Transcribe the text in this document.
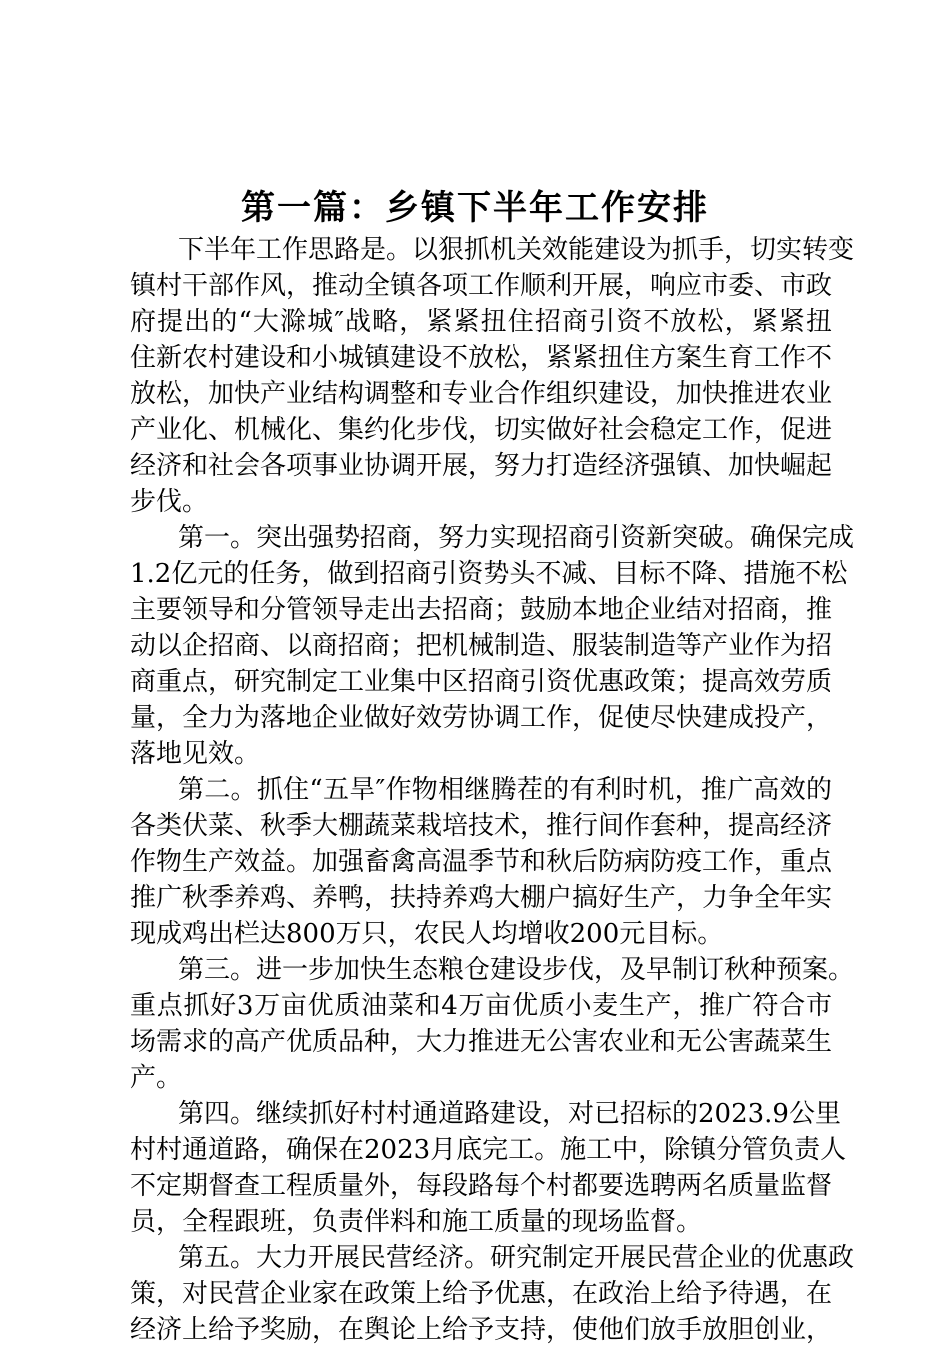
第一篇：乡镇下半年工作安排
下半年工作思路是。以狠抓机关效能建设为抓手，切实转变
镇村干部作风，推动全镇各项工作顺利开展，响应市委、市政
府提出的“大滁城″战略，紧紧扭住招商引资不放松，紧紧扭
住新农村建设和小城镇建设不放松，紧紧扭住方案生育工作不
放松，加快产业结构调整和专业合作组织建设，加快推进农业
产业化、机械化、集约化步伐，切实做好社会稳定工作，促进
经济和社会各项事业协调开展，努力打造经济强镇、加快崛起
步伐。
第一。突出强势招商，努力实现招商引资新突破。确保完成
1.2亿元的任务，做到招商引资势头不减、目标不降、措施不松
主要领导和分管领导走出去招商；鼓励本地企业结对招商，推
动以企招商、以商招商；把机械制造、服装制造等产业作为招
商重点，研究制定工业集中区招商引资优惠政策；提高效劳质
量，全力为落地企业做好效劳协调工作，促使尽快建成投产，
落地见效。
第二。抓住“五旱″作物相继腾茬的有利时机，推广高效的
各类伏菜、秋季大棚蔬菜栽培技术，推行间作套种，提高经济
作物生产效益。加强畜禽高温季节和秋后防病防疫工作，重点
推广秋季养鸡、养鸭，扶持养鸡大棚户搞好生产，力争全年实
现成鸡出栏达800万只，农民人均增收200元目标。
第三。进一步加快生态粮仓建设步伐，及早制订秋种预案。
重点抓好3万亩优质油菜和4万亩优质小麦生产，推广符合市
场需求的高产优质品种，大力推进无公害农业和无公害蔬菜生
产。
第四。继续抓好村村通道路建设，对已招标的2023.9公里
村村通道路，确保在2023月底完工。施工中，除镇分管负责人
不定期督查工程质量外，每段路每个村都要选聘两名质量监督
员，全程跟班，负责伴料和施工质量的现场监督。
第五。大力开展民营经济。研究制定开展民营企业的优惠政
策，对民营企业家在政策上给予优惠，在政治上给予待遇，在
经济上给予奖励，在舆论上给予支持，使他们放手放胆创业，
